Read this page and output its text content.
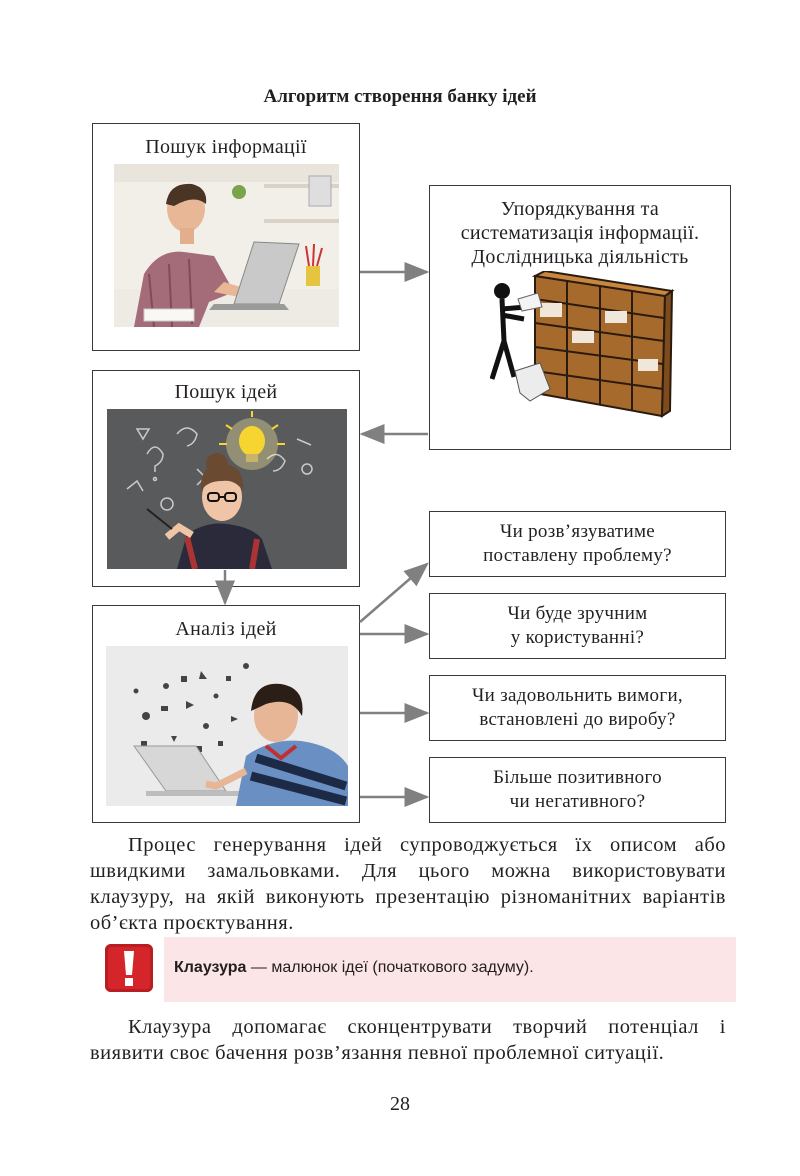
Алгоритм створення банку ідей
Пошук інформації
Упорядкування та
систематизація інформації.
Дослідницька діяльність
Пошук ідей
Аналіз ідей
Чи розв’язуватиме
поставлену проблему?
Чи буде зручним
у користуванні?
Чи задовольнить вимоги,
встановлені до виробу?
Більше позитивного
чи негативного?
Процес генерування ідей супроводжується їх описом або швидкими замальовками. Для цього можна використовувати клаузуру, на якій виконують презентацію різноманітних варіантів об’єкта проєктування.
Клаузура — малюнок ідеї (початкового задуму).
Клаузура допомагає сконцентрувати творчий потенціал і виявити своє бачення розв’язання певної проблемної ситуації.
28
